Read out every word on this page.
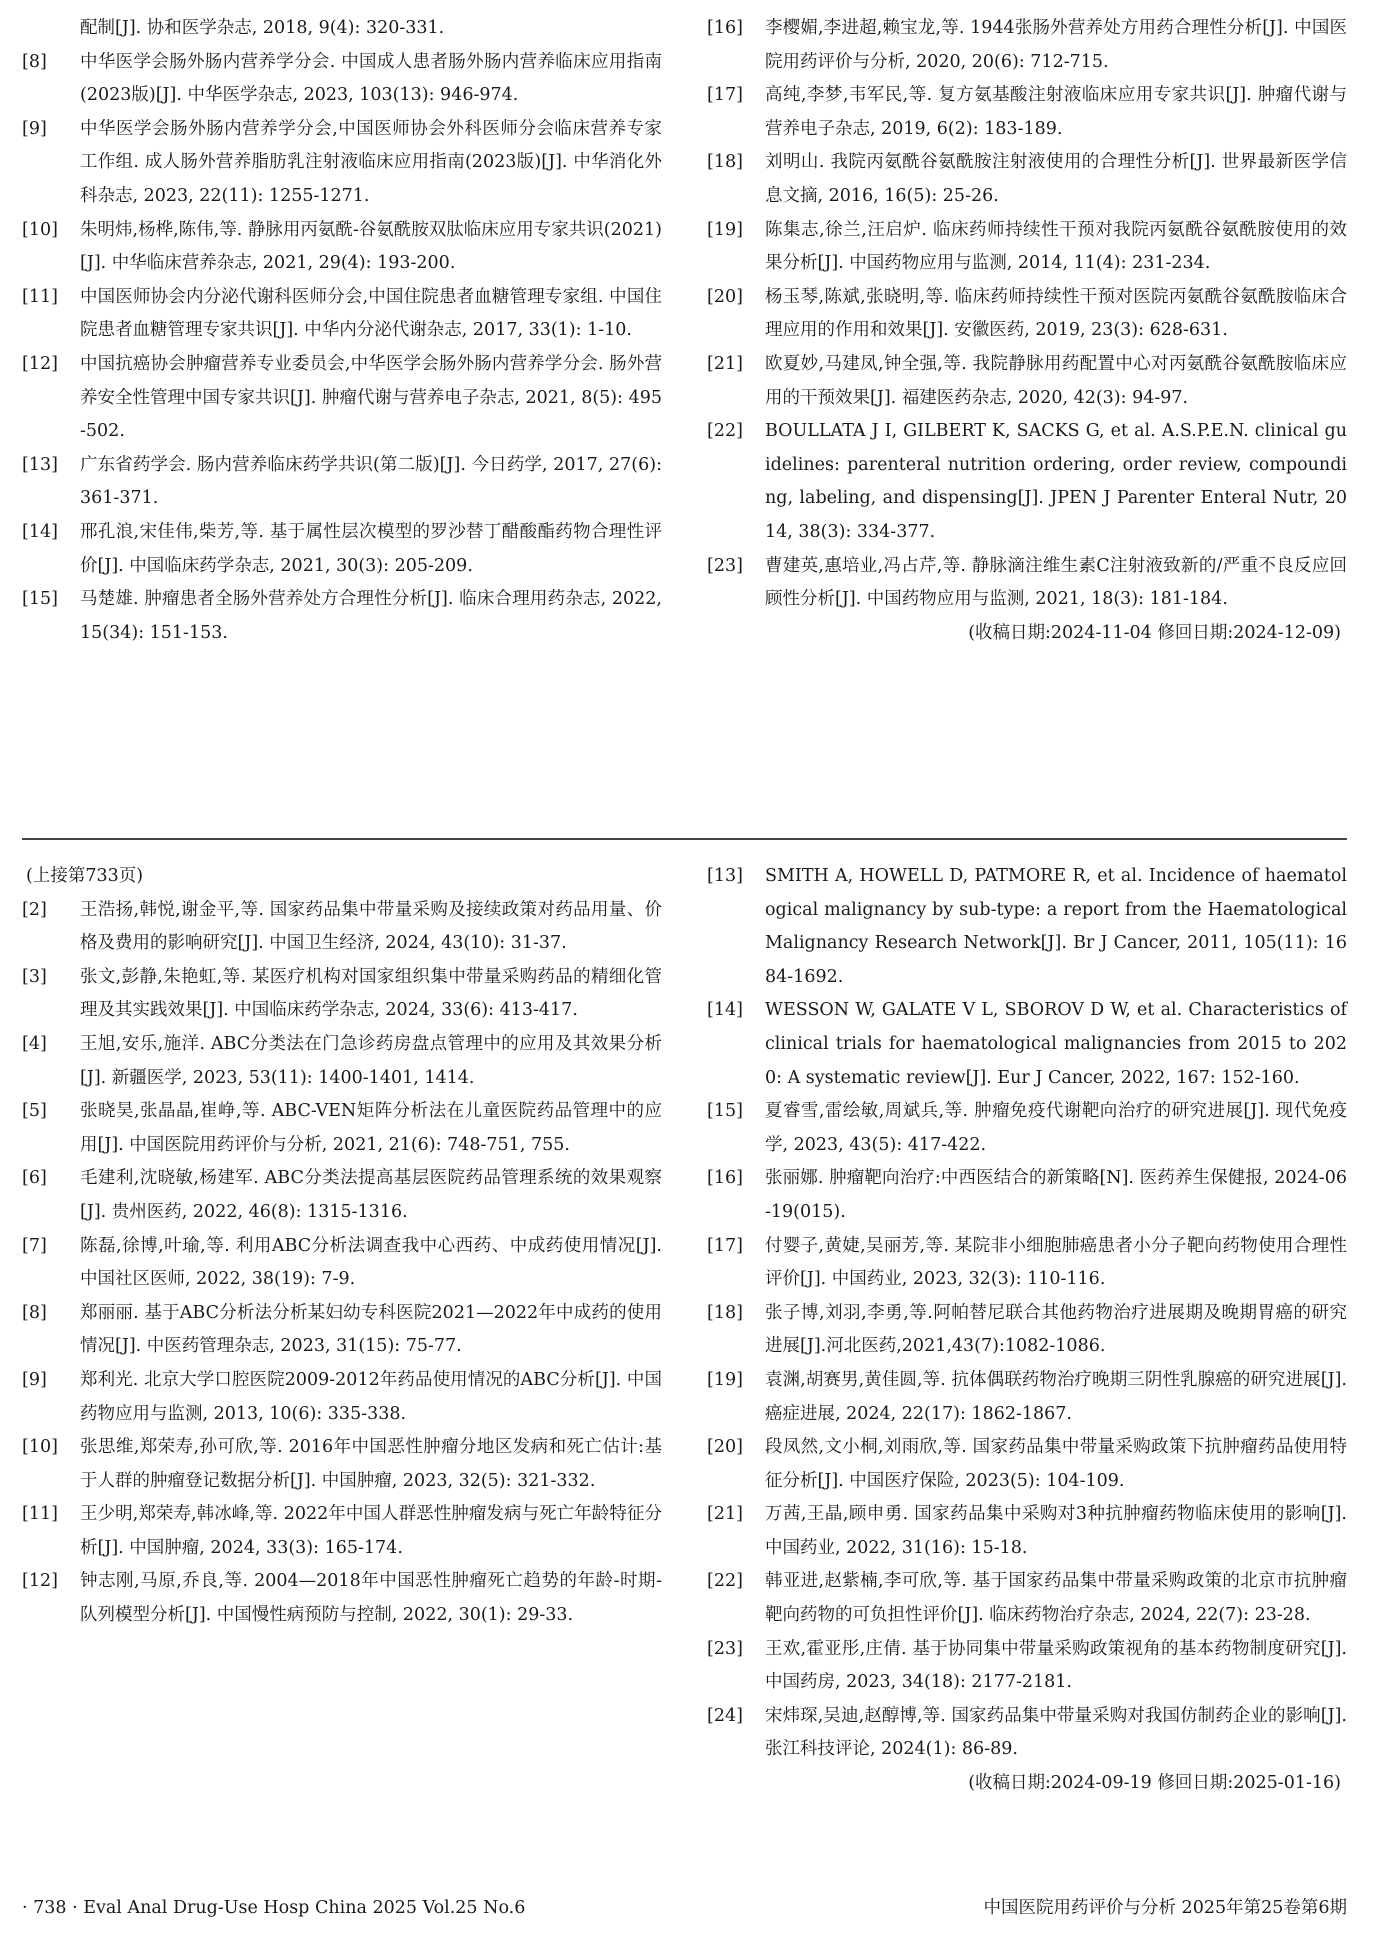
配制[J]. 协和医学杂志, 2018, 9(4): 320-331.
[8]	中华医学会肠外肠内营养学分会. 中国成人患者肠外肠内营养临床应用指南(2023版)[J]. 中华医学杂志, 2023, 103(13): 946-974.
[9]	中华医学会肠外肠内营养学分会,中国医师协会外科医师分会临床营养专家工作组. 成人肠外营养脂肪乳注射液临床应用指南(2023版)[J]. 中华消化外科杂志, 2023, 22(11): 1255-1271.
[10]	朱明炜,杨桦,陈伟,等. 静脉用丙氨酰-谷氨酰胺双肽临床应用专家共识(2021)[J]. 中华临床营养杂志, 2021, 29(4): 193-200.
[11]	中国医师协会内分泌代谢科医师分会,中国住院患者血糖管理专家组. 中国住院患者血糖管理专家共识[J]. 中华内分泌代谢杂志, 2017, 33(1): 1-10.
[12]	中国抗癌协会肿瘤营养专业委员会,中华医学会肠外肠内营养学分会. 肠外营养安全性管理中国专家共识[J]. 肿瘤代谢与营养电子杂志, 2021, 8(5): 495-502.
[13]	广东省药学会. 肠内营养临床药学共识(第二版)[J]. 今日药学, 2017, 27(6): 361-371.
[14]	邢孔浪,宋佳伟,柴芳,等. 基于属性层次模型的罗沙替丁醋酸酯药物合理性评价[J]. 中国临床药学杂志, 2021, 30(3): 205-209.
[15]	马楚雄. 肿瘤患者全肠外营养处方合理性分析[J]. 临床合理用药杂志, 2022, 15(34): 151-153.
[16]	李樱媚,李进超,赖宝龙,等. 1944张肠外营养处方用药合理性分析[J]. 中国医院用药评价与分析, 2020, 20(6): 712-715.
[17]	高纯,李梦,韦军民,等. 复方氨基酸注射液临床应用专家共识[J]. 肿瘤代谢与营养电子杂志, 2019, 6(2): 183-189.
[18]	刘明山. 我院丙氨酰谷氨酰胺注射液使用的合理性分析[J]. 世界最新医学信息文摘, 2016, 16(5): 25-26.
[19]	陈集志,徐兰,汪启炉. 临床药师持续性干预对我院丙氨酰谷氨酰胺使用的效果分析[J]. 中国药物应用与监测, 2014, 11(4): 231-234.
[20]	杨玉琴,陈斌,张晓明,等. 临床药师持续性干预对医院丙氨酰谷氨酰胺临床合理应用的作用和效果[J]. 安徽医药, 2019, 23(3): 628-631.
[21]	欧夏妙,马建凤,钟全强,等. 我院静脉用药配置中心对丙氨酰谷氨酰胺临床应用的干预效果[J]. 福建医药杂志, 2020, 42(3): 94-97.
[22]	BOULLATA J I, GILBERT K, SACKS G, et al. A.S.P.E.N. clinical guidelines: parenteral nutrition ordering, order review, compounding, labeling, and dispensing[J]. JPEN J Parenter Enteral Nutr, 2014, 38(3): 334-377.
[23]	曹建英,惠培业,冯占芹,等. 静脉滴注维生素C注射液致新的/严重不良反应回顾性分析[J]. 中国药物应用与监测, 2021, 18(3): 181-184.
(收稿日期:2024-11-04 修回日期:2024-12-09)
(上接第733页)
[2]	王浩扬,韩悦,谢金平,等. 国家药品集中带量采购及接续政策对药品用量、价格及费用的影响研究[J]. 中国卫生经济, 2024, 43(10): 31-37.
[3]	张文,彭静,朱艳虹,等. 某医疗机构对国家组织集中带量采购药品的精细化管理及其实践效果[J]. 中国临床药学杂志, 2024, 33(6): 413-417.
[4]	王旭,安乐,施洋. ABC分类法在门急诊药房盘点管理中的应用及其效果分析[J]. 新疆医学, 2023, 53(11): 1400-1401, 1414.
[5]	张晓昊,张晶晶,崔峥,等. ABC-VEN矩阵分析法在儿童医院药品管理中的应用[J]. 中国医院用药评价与分析, 2021, 21(6): 748-751, 755.
[6]	毛建利,沈晓敏,杨建军. ABC分类法提高基层医院药品管理系统的效果观察[J]. 贵州医药, 2022, 46(8): 1315-1316.
[7]	陈磊,徐博,叶瑜,等. 利用ABC分析法调查我中心西药、中成药使用情况[J]. 中国社区医师, 2022, 38(19): 7-9.
[8]	郑丽丽. 基于ABC分析法分析某妇幼专科医院2021—2022年中成药的使用情况[J]. 中医药管理杂志, 2023, 31(15): 75-77.
[9]	郑利光. 北京大学口腔医院2009-2012年药品使用情况的ABC分析[J]. 中国药物应用与监测, 2013, 10(6): 335-338.
[10]	张思维,郑荣寿,孙可欣,等. 2016年中国恶性肿瘤分地区发病和死亡估计:基于人群的肿瘤登记数据分析[J]. 中国肿瘤, 2023, 32(5): 321-332.
[11]	王少明,郑荣寿,韩冰峰,等. 2022年中国人群恶性肿瘤发病与死亡年龄特征分析[J]. 中国肿瘤, 2024, 33(3): 165-174.
[12]	钟志刚,马原,乔良,等. 2004—2018年中国恶性肿瘤死亡趋势的年龄-时期-队列模型分析[J]. 中国慢性病预防与控制, 2022, 30(1): 29-33.
[13]	SMITH A, HOWELL D, PATMORE R, et al. Incidence of haematological malignancy by sub-type: a report from the Haematological Malignancy Research Network[J]. Br J Cancer, 2011, 105(11): 1684-1692.
[14]	WESSON W, GALATE V L, SBOROV D W, et al. Characteristics of clinical trials for haematological malignancies from 2015 to 2020: A systematic review[J]. Eur J Cancer, 2022, 167: 152-160.
[15]	夏睿雪,雷绘敏,周斌兵,等. 肿瘤免疫代谢靶向治疗的研究进展[J]. 现代免疫学, 2023, 43(5): 417-422.
[16]	张丽娜. 肿瘤靶向治疗:中西医结合的新策略[N]. 医药养生保健报, 2024-06-19(015).
[17]	付婴子,黄婕,吴丽芳,等. 某院非小细胞肺癌患者小分子靶向药物使用合理性评价[J]. 中国药业, 2023, 32(3): 110-116.
[18]	张子博,刘羽,李勇,等.阿帕替尼联合其他药物治疗进展期及晚期胃癌的研究进展[J].河北医药,2021,43(7):1082-1086.
[19]	袁渊,胡赛男,黄佳圆,等. 抗体偶联药物治疗晚期三阴性乳腺癌的研究进展[J]. 癌症进展, 2024, 22(17): 1862-1867.
[20]	段凤然,文小桐,刘雨欣,等. 国家药品集中带量采购政策下抗肿瘤药品使用特征分析[J]. 中国医疗保险, 2023(5): 104-109.
[21]	万茜,王晶,顾申勇. 国家药品集中采购对3种抗肿瘤药物临床使用的影响[J]. 中国药业, 2022, 31(16): 15-18.
[22]	韩亚进,赵紫楠,李可欣,等. 基于国家药品集中带量采购政策的北京市抗肿瘤靶向药物的可负担性评价[J]. 临床药物治疗杂志, 2024, 22(7): 23-28.
[23]	王欢,霍亚彤,庄倩. 基于协同集中带量采购政策视角的基本药物制度研究[J]. 中国药房, 2023, 34(18): 2177-2181.
[24]	宋炜琛,吴迪,赵醇博,等. 国家药品集中带量采购对我国仿制药企业的影响[J]. 张江科技评论, 2024(1): 86-89.
(收稿日期:2024-09-19 修回日期:2025-01-16)
· 738 · Eval Anal Drug-Use Hosp China 2025 Vol.25 No.6	中国医院用药评价与分析 2025年第25卷第6期
